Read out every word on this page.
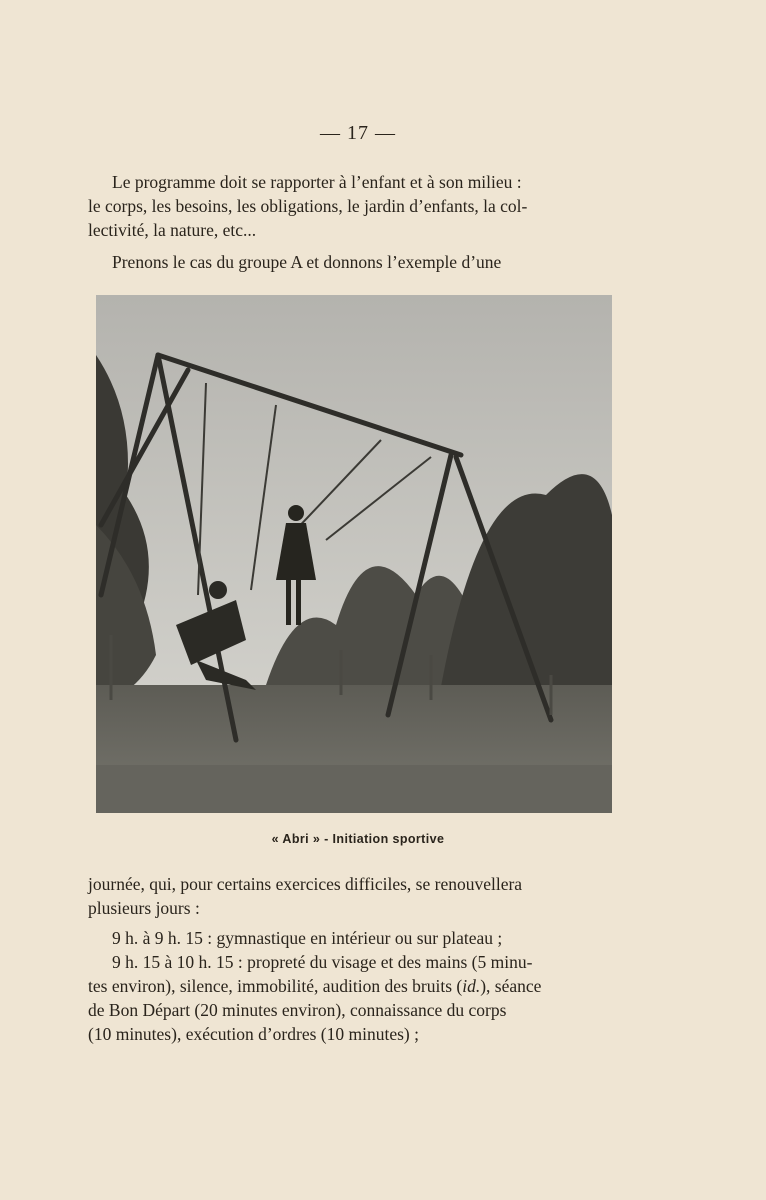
— 17 —
Le programme doit se rapporter à l’enfant et à son milieu :
le corps, les besoins, les obligations, le jardin d’enfants, la col-
lectivité, la nature, etc...
Prenons le cas du groupe A et donnons l’exemple d’une
« Abri » - Initiation sportive
journée, qui, pour certains exercices difficiles, se renouvellera
plusieurs jours :
9 h. à 9 h. 15 : gymnastique en intérieur ou sur plateau ;
9 h. 15 à 10 h. 15 : propreté du visage et des mains (5 minu-
tes environ), silence, immobilité, audition des bruits (id.), séance
de Bon Départ (20 minutes environ), connaissance du corps
(10 minutes), exécution d’ordres (10 minutes) ;
